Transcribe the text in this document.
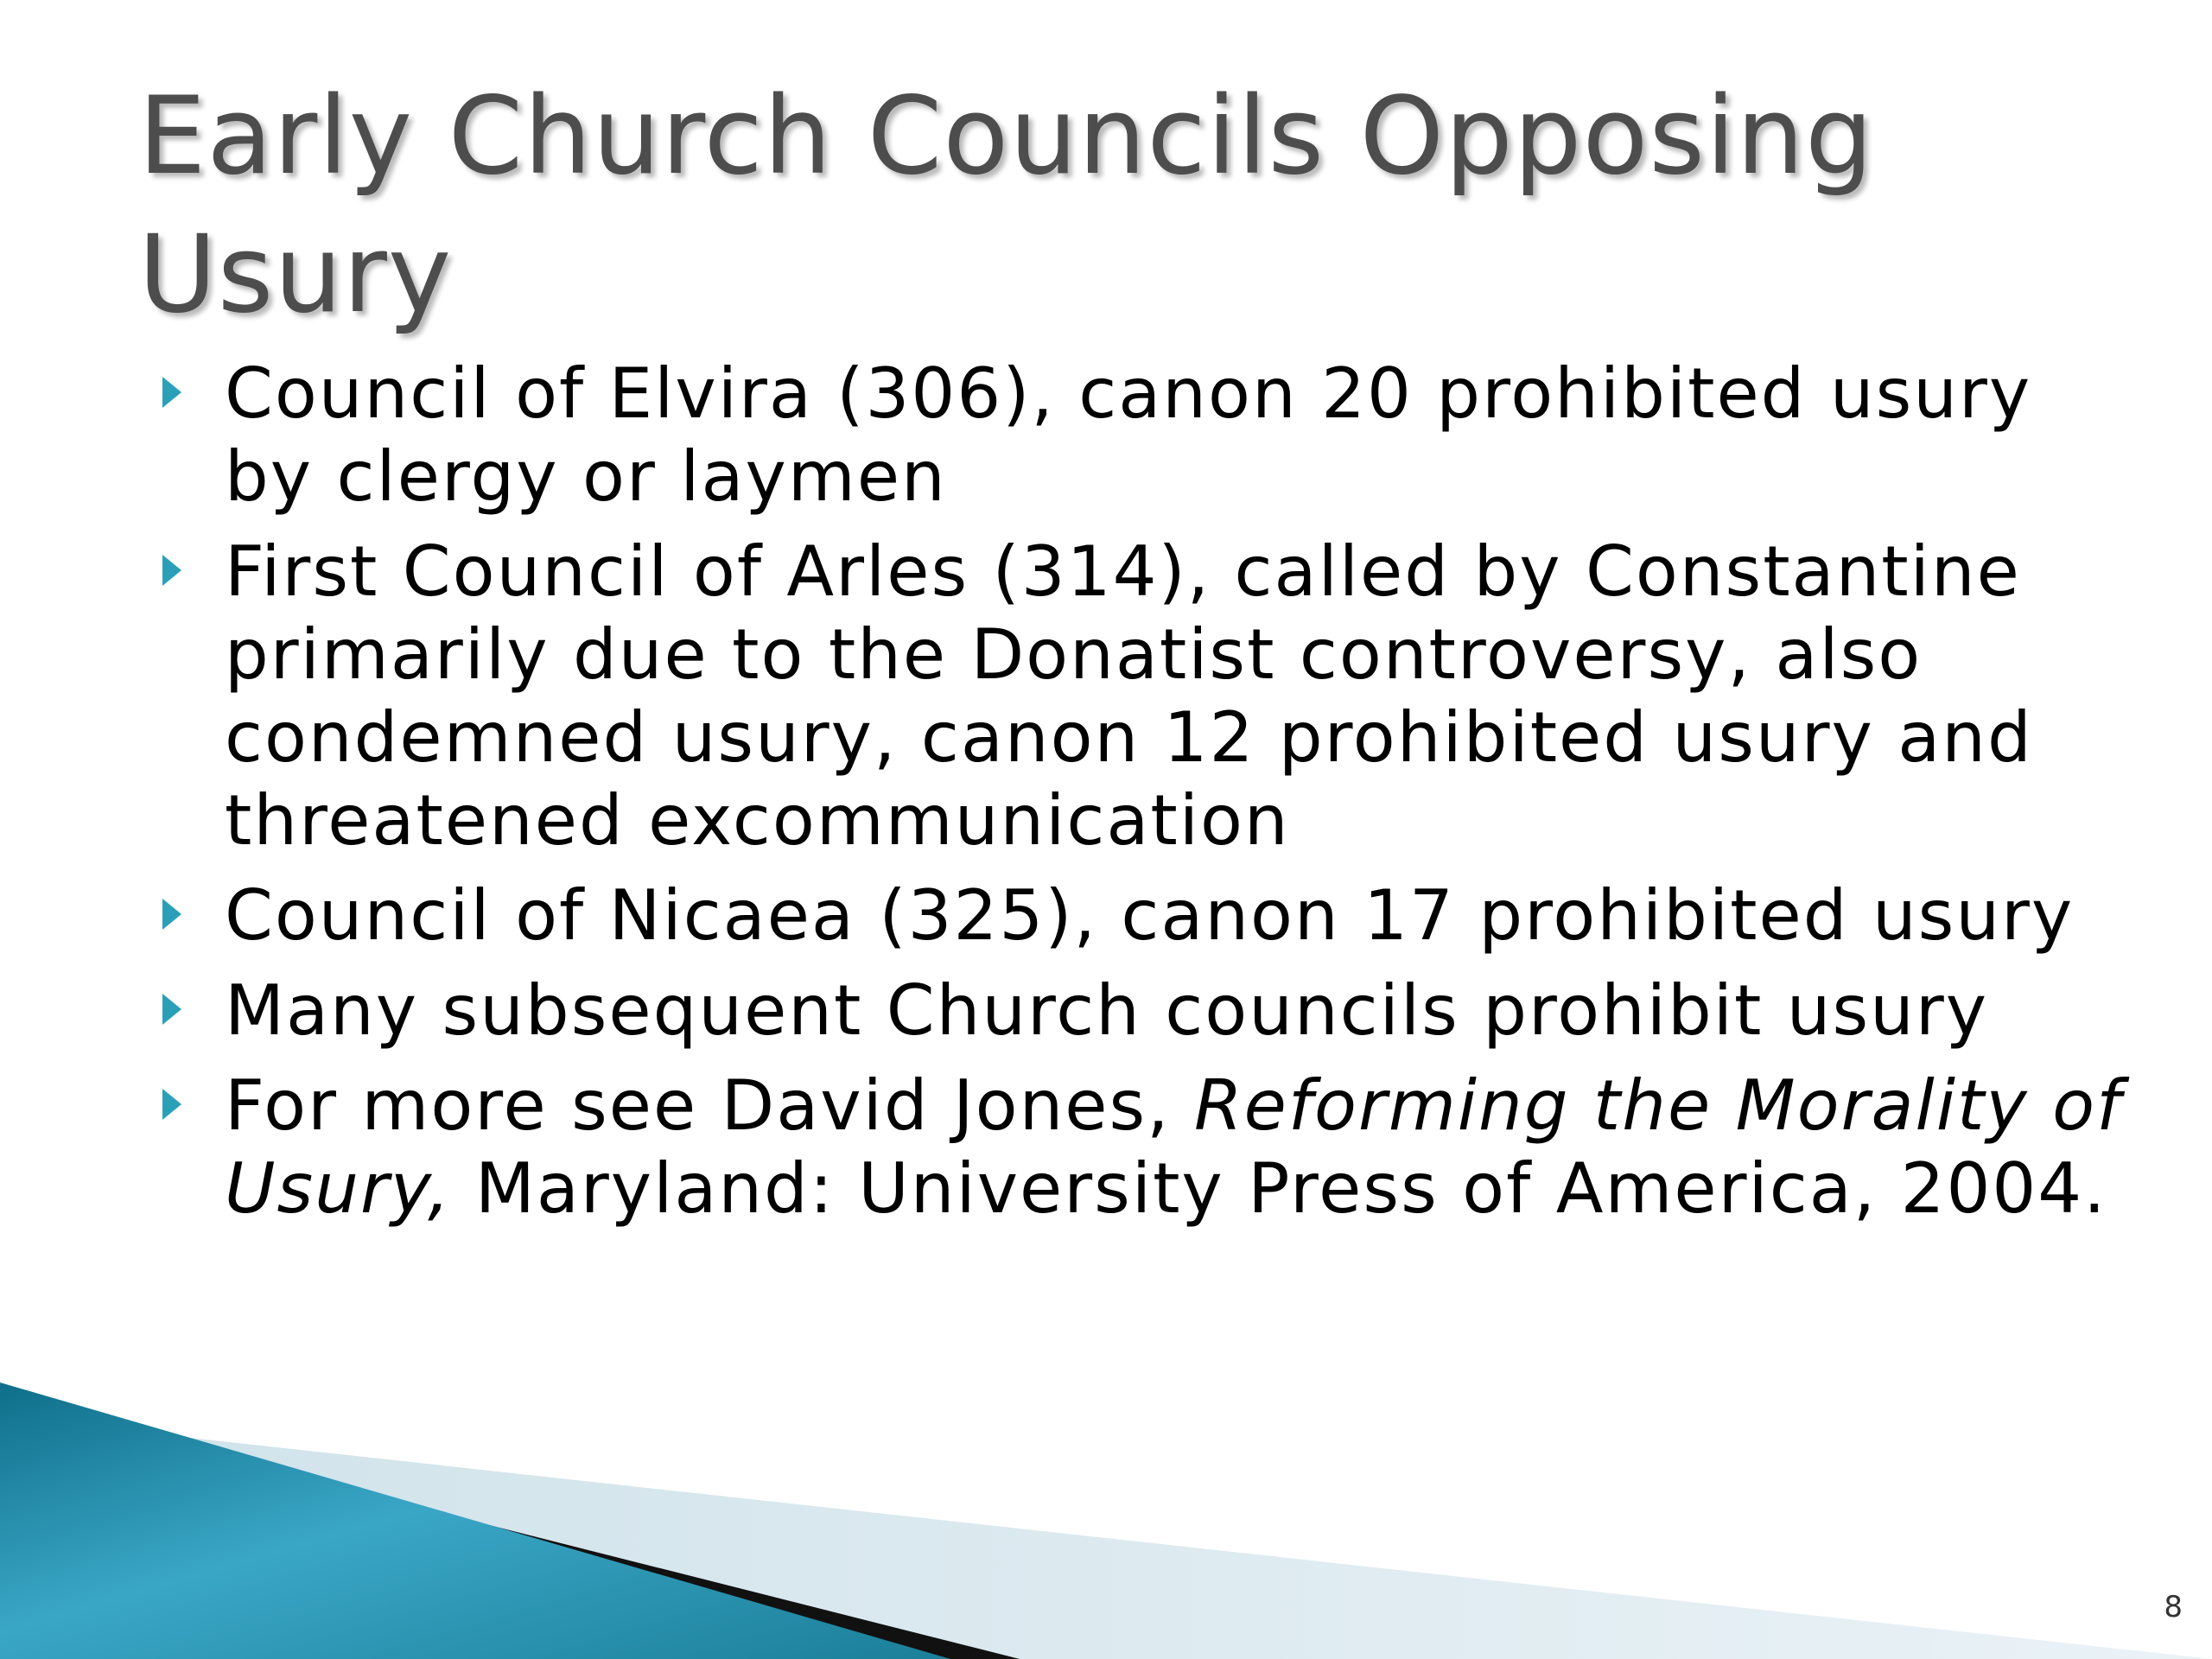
Early Church Councils Opposing Usury
Council of Elvira (306), canon 20 prohibited usury by clergy or laymen
First Council of Arles (314), called by Constantine primarily due to the Donatist controversy, also condemned usury, canon 12 prohibited usury and threatened excommunication
Council of Nicaea (325), canon 17 prohibited usury
Many subsequent Church councils prohibit usury
For more see David Jones, Reforming the Morality of Usury, Maryland: University Press of America, 2004.
8
